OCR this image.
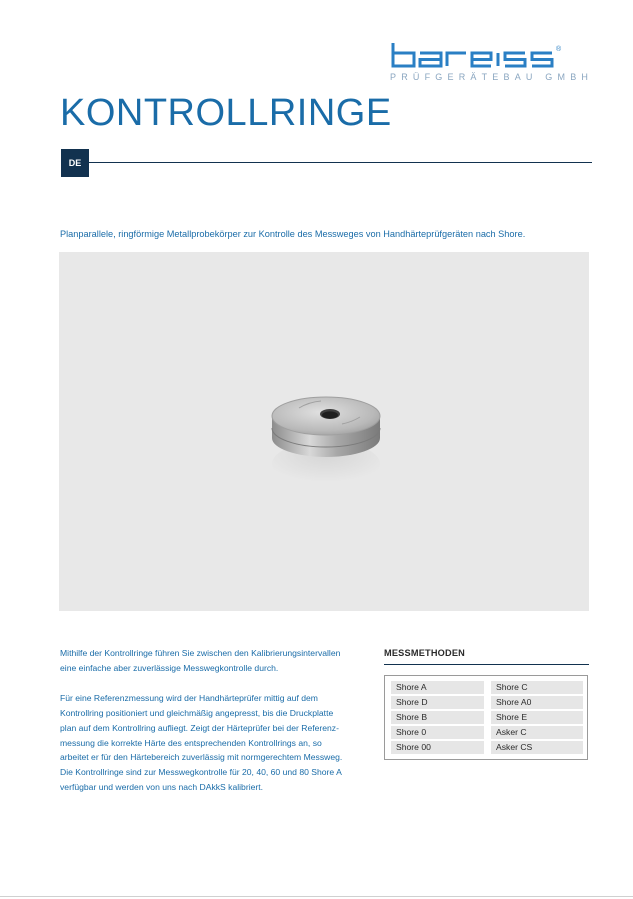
®
PRÜFGERÄTEBAU GMBH
KONTROLLRINGE
DE
Planparallele, ringförmige Metallprobekörper zur Kontrolle des Messweges von Handhärteprüfgeräten nach Shore.

Mithilfe der Kontrollringe führen Sie zwischen den Kalibrierungsintervallen
eine einfache aber zuverlässige Messwegkontrolle durch.

Für eine Referenzmessung wird der Handhärteprüfer mittig auf dem
Kontrollring positioniert und gleichmäßig angepresst, bis die Druckplatte
plan auf dem Kontrollring aufliegt. Zeigt der Härteprüfer bei der Referenz-
messung die korrekte Härte des entsprechenden Kontrollrings an, so
arbeitet er für den Härtebereich zuverlässig mit normgerechtem Messweg.
Die Kontrollringe sind zur Messwegkontrolle für 20, 40, 60 und 80 Shore A
verfügbar und werden von uns nach DAkkS kalibriert.

MESSMETHODEN
Shore A
Shore D
Shore B
Shore 0
Shore 00
Shore C
Shore A0
Shore E
Asker C
Asker CS
